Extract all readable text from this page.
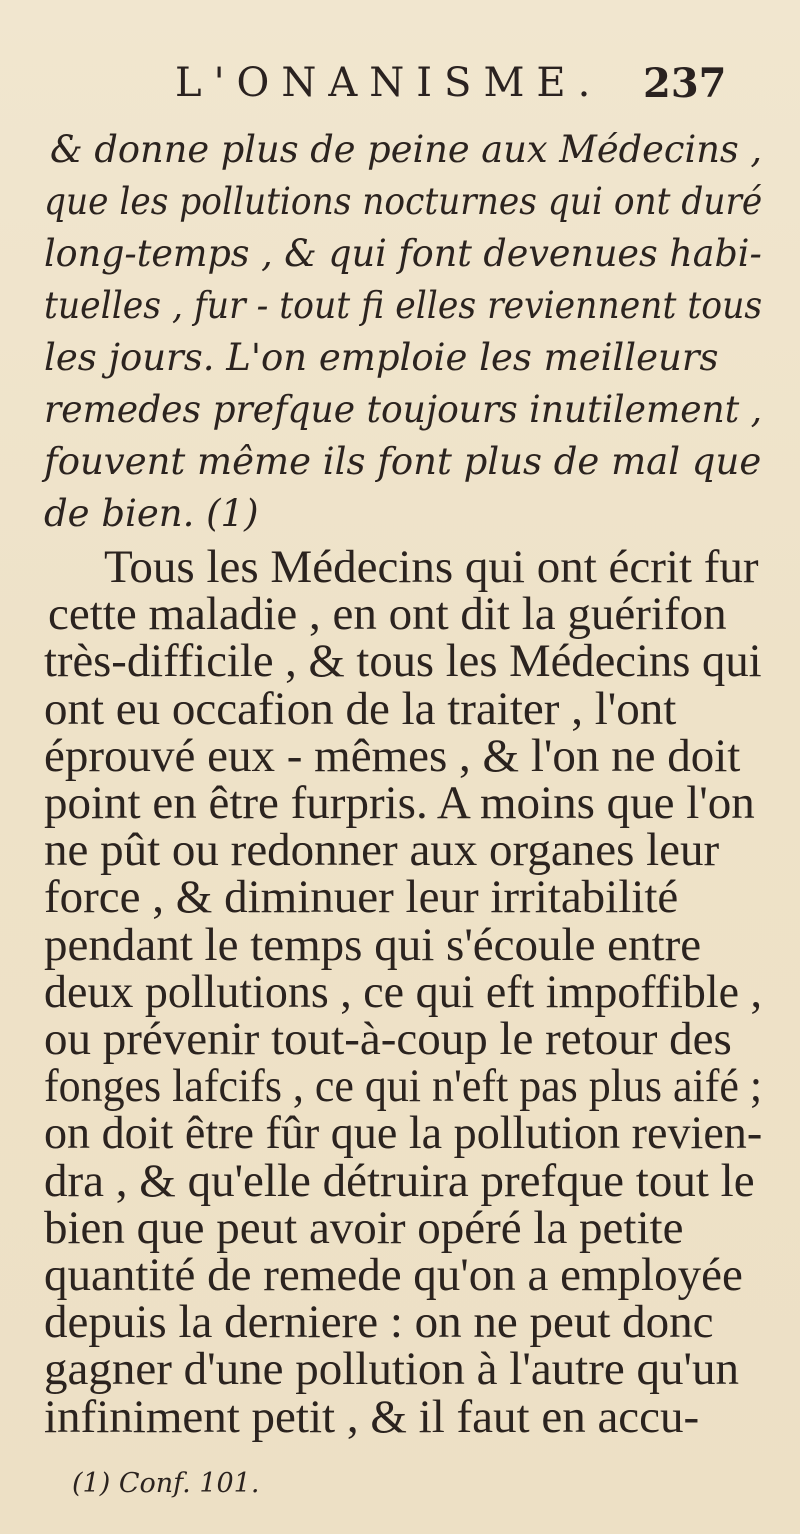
L'ONANISME. 237
& donne plus de peine aux Médecins ,
que les pollutions nocturnes qui ont duré
long-temps , & qui font devenues habi-
tuelles , fur - tout fi elles reviennent tous
les jours. L'on emploie les meilleurs
remedes prefque toujours inutilement ,
fouvent même ils font plus de mal que
de bien. (1)
Tous les Médecins qui ont écrit fur
cette maladie , en ont dit la guérifon
très-difficile , & tous les Médecins qui
ont eu occafion de la traiter , l'ont
éprouvé eux - mêmes , & l'on ne doit
point en être furpris. A moins que l'on
ne pût ou redonner aux organes leur
force , & diminuer leur irritabilité
pendant le temps qui s'écoule entre
deux pollutions , ce qui eft impoffible ,
ou prévenir tout-à-coup le retour des
fonges lafcifs , ce qui n'eft pas plus aifé ;
on doit être fûr que la pollution revien-
dra , & qu'elle détruira prefque tout le
bien que peut avoir opéré la petite
quantité de remede qu'on a employée
depuis la derniere : on ne peut donc
gagner d'une pollution à l'autre qu'un
infiniment petit , & il faut en accu-
(1) Conf. 101.
